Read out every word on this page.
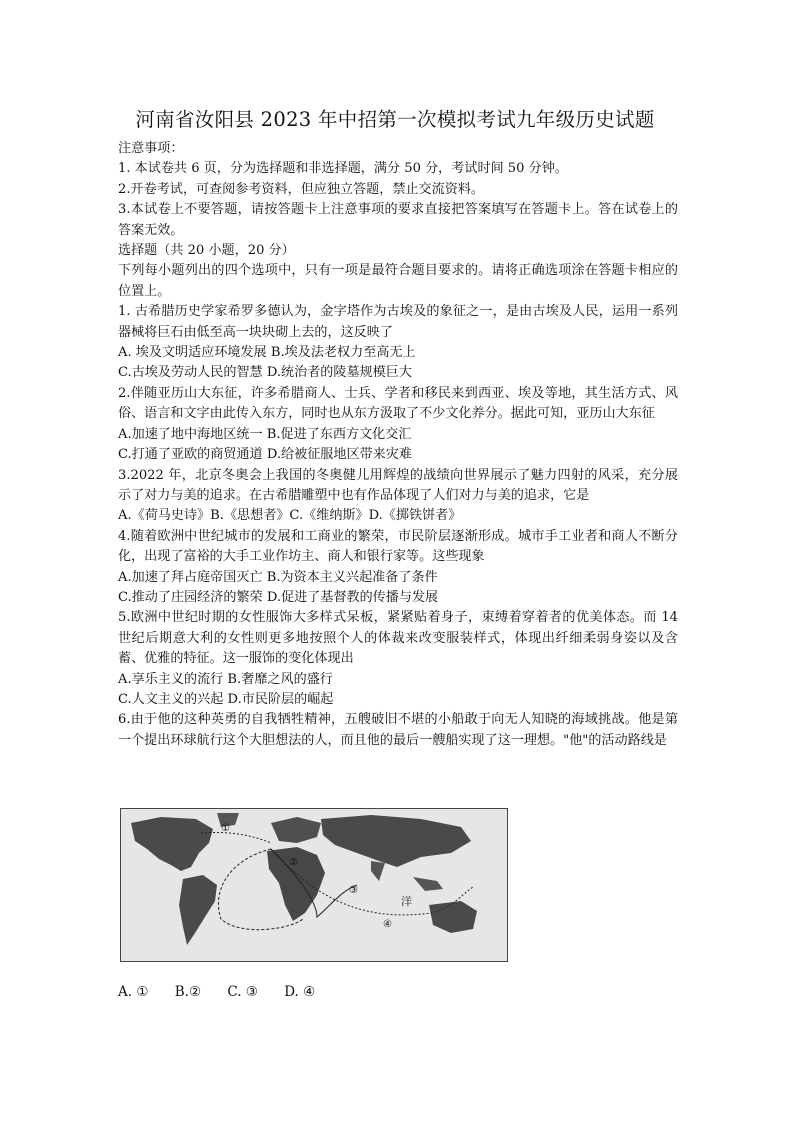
河南省汝阳县 2023 年中招第一次模拟考试九年级历史试题

注意事项：

1. 本试卷共 6 页，分为选择题和非选择题，满分 50 分，考试时间 50 分钟。

2.开卷考试，可查阅参考资料，但应独立答题，禁止交流资料。

3.本试卷上不要答题，请按答题卡上注意事项的要求直接把答案填写在答题卡上。答在试卷上的答案无效。

选择题（共 20 小题，20 分）

下列每小题列出的四个选项中，只有一项是最符合题目要求的。请将正确选项涂在答题卡相应的位置上。

1. 古希腊历史学家希罗多德认为，金字塔作为古埃及的象征之一，是由古埃及人民，运用一系列器械将巨石由低至高一块块砌上去的，这反映了

A. 埃及文明适应环境发展 B.埃及法老权力至高无上

C.古埃及劳动人民的智慧 D.统治者的陵墓规模巨大

2.伴随亚历山大东征，许多希腊商人、士兵、学者和移民来到西亚、埃及等地，其生活方式、风俗、语言和文字由此传入东方，同时也从东方汲取了不少文化养分。据此可知，亚历山大东征

A.加速了地中海地区统一 B.促进了东西方文化交汇

C.打通了亚欧的商贸通道 D.给被征服地区带来灾难

3.2022 年，北京冬奥会上我国的冬奥健儿用辉煌的战绩向世界展示了魅力四射的风采，充分展示了对力与美的追求。在古希腊雕塑中也有作品体现了人们对力与美的追求，它是

A.《荷马史诗》B.《思想者》C.《维纳斯》D.《掷铁饼者》

4.随着欧洲中世纪城市的发展和工商业的繁荣，市民阶层逐渐形成。城市手工业者和商人不断分化，出现了富裕的大手工业作坊主、商人和银行家等。这些现象

A.加速了拜占庭帝国灭亡 B.为资本主义兴起准备了条件

C.推动了庄园经济的繁荣 D.促进了基督教的传播与发展

5.欧洲中世纪时期的女性服饰大多样式呆板，紧紧贴着身子，束缚着穿着者的优美体态。而 14 世纪后期意大利的女性则更多地按照个人的体裁来改变服装样式，体现出纤细柔弱身姿以及含蓄、优雅的特征。这一服饰的变化体现出

A.享乐主义的流行 B.奢靡之风的盛行

C.人文主义的兴起 D.市民阶层的崛起

6.由于他的这种英勇的自我牺牲精神，五艘破旧不堪的小船敢于向无人知晓的海域挑战。他是第一个提出环球航行这个大胆想法的人，而且他的最后一艘船实现了这一理想。"他"的活动路线是

①
②
③
④
洋
A. ① B.② C. ③ D. ④
